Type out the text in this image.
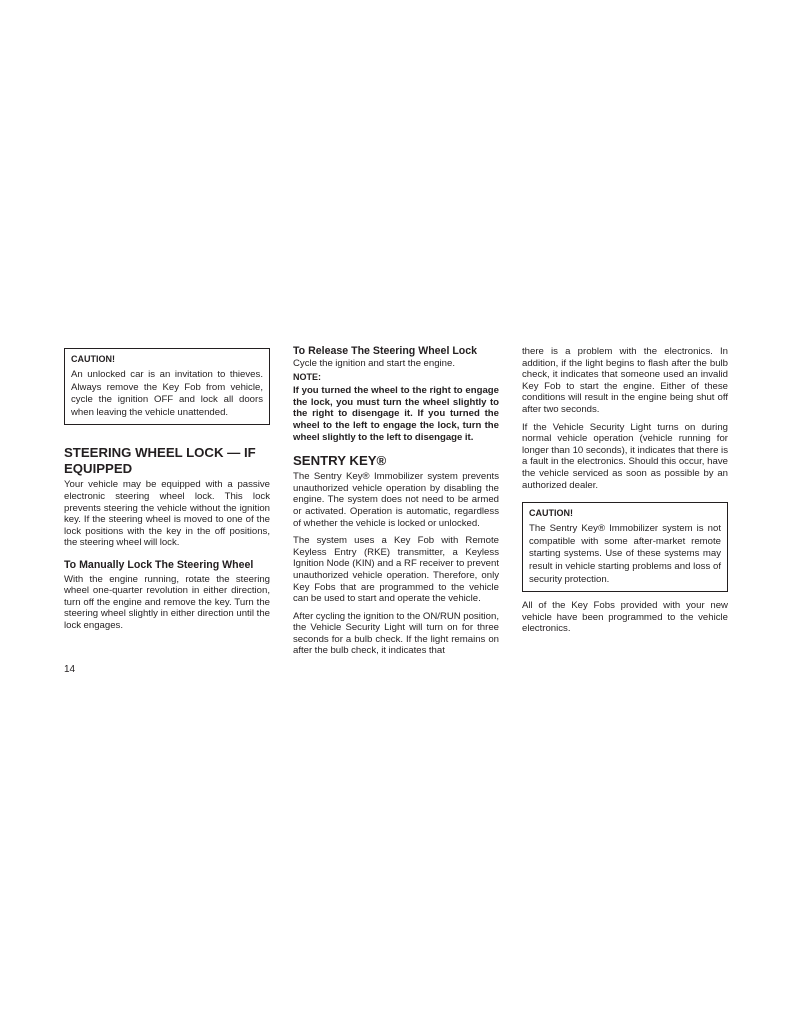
CAUTION!

An unlocked car is an invitation to thieves. Always remove the Key Fob from vehicle, cycle the ignition OFF and lock all doors when leaving the vehicle unattended.

STEERING WHEEL LOCK — IF EQUIPPED

Your vehicle may be equipped with a passive electronic steering wheel lock. This lock prevents steering the vehicle without the ignition key. If the steering wheel is moved to one of the lock positions with the key in the off positions, the steering wheel will lock.

To Manually Lock The Steering Wheel

With the engine running, rotate the steering wheel one-quarter revolution in either direction, turn off the engine and remove the key. Turn the steering wheel slightly in either direction until the lock engages.

To Release The Steering Wheel Lock

Cycle the ignition and start the engine.

NOTE:

If you turned the wheel to the right to engage the lock, you must turn the wheel slightly to the right to disengage it. If you turned the wheel to the left to engage the lock, turn the wheel slightly to the left to disengage it.

SENTRY KEY®

The Sentry Key® Immobilizer system prevents unauthorized vehicle operation by disabling the engine. The system does not need to be armed or activated. Operation is automatic, regardless of whether the vehicle is locked or unlocked.

The system uses a Key Fob with Remote Keyless Entry (RKE) transmitter, a Keyless Ignition Node (KIN) and a RF receiver to prevent unauthorized vehicle operation. Therefore, only Key Fobs that are programmed to the vehicle can be used to start and operate the vehicle.

After cycling the ignition to the ON/RUN position, the Vehicle Security Light will turn on for three seconds for a bulb check. If the light remains on after the bulb check, it indicates that

there is a problem with the electronics. In addition, if the light begins to flash after the bulb check, it indicates that someone used an invalid Key Fob to start the engine. Either of these conditions will result in the engine being shut off after two seconds.

If the Vehicle Security Light turns on during normal vehicle operation (vehicle running for longer than 10 seconds), it indicates that there is a fault in the electronics. Should this occur, have the vehicle serviced as soon as possible by an authorized dealer.

CAUTION!

The Sentry Key® Immobilizer system is not compatible with some after-market remote starting systems. Use of these systems may result in vehicle starting problems and loss of security protection.

All of the Key Fobs provided with your new vehicle have been programmed to the vehicle electronics.

14
